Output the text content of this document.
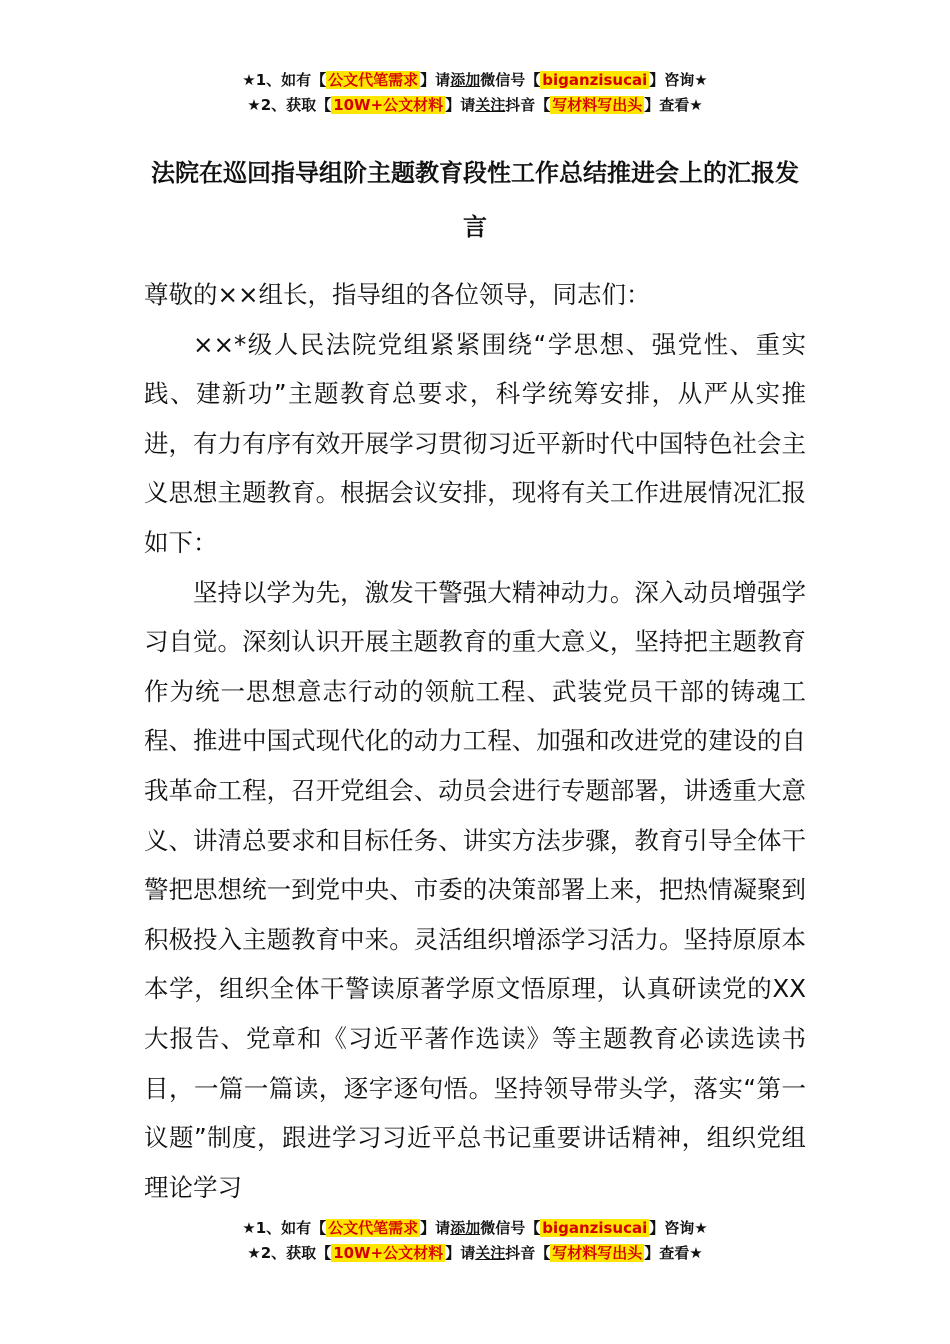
★1、如有【 公文代笔需求 】请添加微信号【 biganzisucai 】咨询★
★2、获取【 10W+公文材料 】请关注抖音【 写材料写出头 】查看★
法院在巡回指导组阶主题教育段性工作总结推进会上的汇报发言

尊敬的××组长，指导组的各位领导，同志们：

××*级人民法院党组紧紧围绕“学思想、强党性、重实践、建新功”主题教育总要求，科学统筹安排，从严从实推进，有力有序有效开展学习贯彻习近平新时代中国特色社会主义思想主题教育。根据会议安排，现将有关工作进展情况汇报如下：

坚持以学为先，激发干警强大精神动力。深入动员增强学习自觉。深刻认识开展主题教育的重大意义，坚持把主题教育作为统一思想意志行动的领航工程、武装党员干部的铸魂工程、推进中国式现代化的动力工程、加强和改进党的建设的自我革命工程，召开党组会、动员会进行专题部署，讲透重大意义、讲清总要求和目标任务、讲实方法步骤，教育引导全体干警把思想统一到党中央、市委的决策部署上来，把热情凝聚到积极投入主题教育中来。灵活组织增添学习活力。坚持原原本本学，组织全体干警读原著学原文悟原理，认真研读党的XX大报告、党章和《习近平著作选读》等主题教育必读选读书目，一篇一篇读，逐字逐句悟。坚持领导带头学，落实“第一议题”制度，跟进学习习近平总书记重要讲话精神，组织党组理论学习

★1、如有【 公文代笔需求 】请添加微信号【 biganzisucai 】咨询★
★2、获取【 10W+公文材料 】请关注抖音【 写材料写出头 】查看★
